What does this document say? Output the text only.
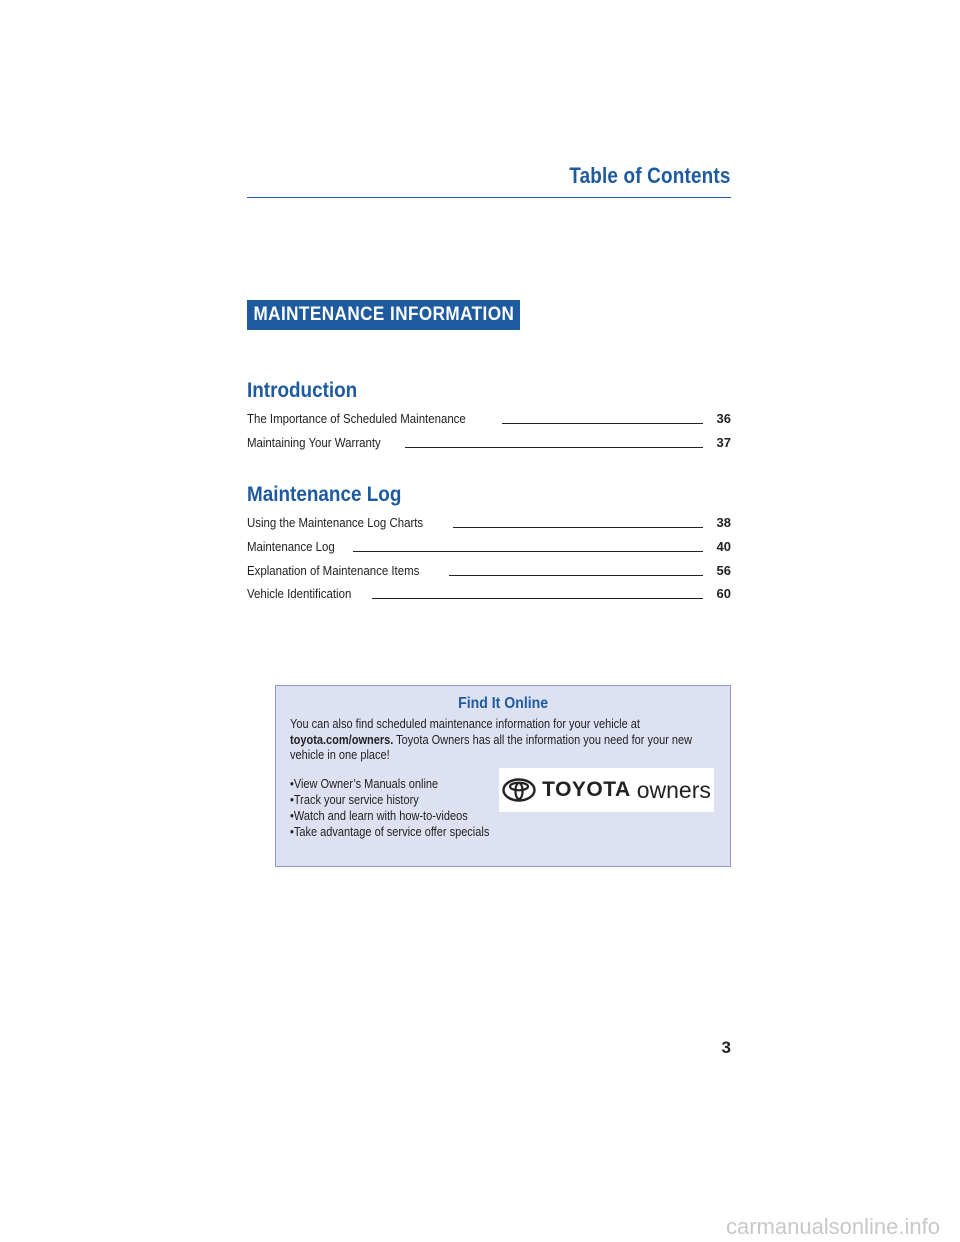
Table of Contents
MAINTENANCE INFORMATION
Introduction
The Importance of Scheduled Maintenance	36
Maintaining Your Warranty	37
Maintenance Log
Using the Maintenance Log Charts	38
Maintenance Log	40
Explanation of Maintenance Items	56
Vehicle Identification	60
Find It Online
You can also find scheduled maintenance information for your vehicle at
toyota.com/owners. Toyota Owners has all the information you need for your new vehicle in one place!
•View Owner’s Manuals online
•Track your service history
•Watch and learn with how-to-videos
•Take advantage of service offer specials
TOYOTA owners
3
carmanualsonline.info
